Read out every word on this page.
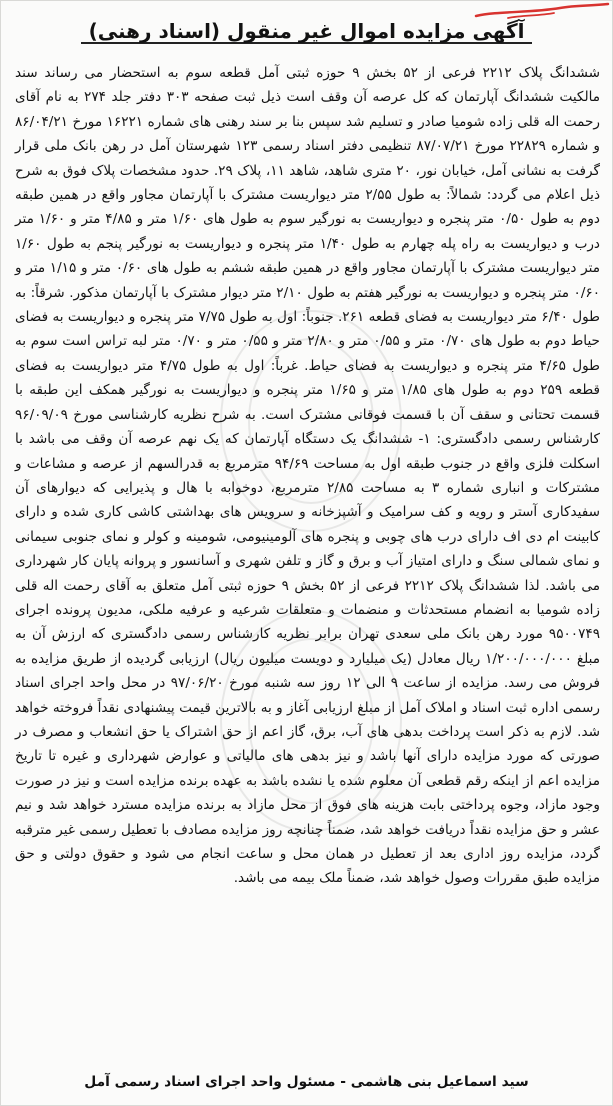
آگهی مزایده اموال غیر منقول (اسناد رهنی)

ششدانگ پلاک ۲۲۱۲ فرعی از ۵۲ بخش ۹ حوزه ثبتی آمل قطعه سوم به استحضار می رساند سند مالکیت ششدانگ آپارتمان که کل عرصه آن وقف است ذیل ثبت صفحه ۳۰۳ دفتر جلد ۲۷۴ به نام آقای رحمت اله قلی زاده شومیا صادر و تسلیم شد سپس بنا بر سند رهنی های شماره ۱۶۲۲۱ مورخ ۸۶/۰۴/۲۱ و شماره ۲۲۸۲۹ مورخ ۸۷/۰۷/۲۱ تنظیمی دفتر اسناد رسمی ۱۲۳ شهرستان آمل در رهن بانک ملی قرار گرفت به نشانی آمل، خیابان نور، ۲۰ متری شاهد، شاهد ۱۱، پلاک ۲۹. حدود مشخصات پلاک فوق به شرح ذیل اعلام می گردد: شمالاً: به طول ۲/۵۵ متر دیواریست مشترک با آپارتمان مجاور واقع در همین طبقه دوم به طول ۰/۵۰ متر پنجره و دیواریست به نورگیر سوم به طول های ۱/۶۰ متر و ۴/۸۵ متر و ۱/۶۰ متر درب و دیواریست به راه پله چهارم به طول ۱/۴۰ متر پنجره و دیواریست به نورگیر پنجم به طول ۱/۶۰ متر دیواریست مشترک با آپارتمان مجاور واقع در همین طبقه ششم به طول های ۰/۶۰ متر و ۱/۱۵ متر و ۰/۶۰ متر پنجره و دیواریست به نورگیر هفتم به طول ۲/۱۰ متر دیوار مشترک با آپارتمان مذکور. شرقاً: به طول ۶/۴۰ متر دیواریست به فضای قطعه ۲۶۱. جنوباً: اول به طول ۷/۷۵ متر پنجره و دیواریست به فضای حیاط دوم به طول های ۰/۷۰ متر و ۰/۵۵ متر و ۲/۸۰ متر و ۰/۵۵ متر و ۰/۷۰ متر لبه تراس است سوم به طول ۴/۶۵ متر پنجره و دیواریست به فضای حیاط. غرباً: اول به طول ۴/۷۵ متر دیواریست به فضای قطعه ۲۵۹ دوم به طول های ۱/۸۵ متر و ۱/۶۵ متر پنجره و دیواریست به نورگیر همکف این طبقه با قسمت تحتانی و سقف آن با قسمت فوقانی مشترک است. به شرح نظریه کارشناسی مورخ ۹۶/۰۹/۰۹ کارشناس رسمی دادگستری: ۱- ششدانگ یک دستگاه آپارتمان که یک نهم عرصه آن وقف می باشد با اسکلت فلزی واقع در جنوب طبقه اول به مساحت ۹۴/۶۹ مترمربع به قدرالسهم از عرصه و مشاعات و مشترکات و انباری شماره ۳ به مساحت ۲/۸۵ مترمربع، دوخوابه با هال و پذیرایی که دیوارهای آن سفیدکاری آستر و رویه و کف سرامیک و آشپزخانه و سرویس های بهداشتی کاشی کاری شده و دارای کابینت ام دی اف دارای درب های چوبی و پنجره های آلومینیومی، شومینه و کولر و نمای جنوبی سیمانی و نمای شمالی سنگ و دارای امتیاز آب و برق و گاز و تلفن شهری و آسانسور و پروانه پایان کار شهرداری می باشد. لذا ششدانگ پلاک ۲۲۱۲ فرعی از ۵۲ بخش ۹ حوزه ثبتی آمل متعلق به آقای رحمت اله قلی زاده شومیا به انضمام مستحدثات و منضمات و متعلقات شرعیه و عرفیه ملکی، مدیون پرونده اجرای ۹۵۰۰۷۴۹ مورد رهن بانک ملی سعدی تهران برابر نظریه کارشناس رسمی دادگستری که ارزش آن به مبلغ ۱/۲۰۰/۰۰۰/۰۰۰ ریال معادل (یک میلیارد و دویست میلیون ریال) ارزیابی گردیده از طریق مزایده به فروش می رسد. مزایده از ساعت ۹ الی ۱۲ روز سه شنبه مورخ ۹۷/۰۶/۲۰ در محل واحد اجرای اسناد رسمی اداره ثبت اسناد و املاک آمل از مبلغ ارزیابی آغاز و به بالاترین قیمت پیشنهادی نقداً فروخته خواهد شد. لازم به ذکر است پرداخت بدهی های آب، برق، گاز اعم از حق اشتراک یا حق انشعاب و مصرف در صورتی که مورد مزایده دارای آنها باشد و نیز بدهی های مالیاتی و عوارض شهرداری و غیره تا تاریخ مزایده اعم از اینکه رقم قطعی آن معلوم شده یا نشده باشد به عهده برنده مزایده است و نیز در صورت وجود مازاد، وجوه پرداختی بابت هزینه های فوق از محل مازاد به برنده مزایده مسترد خواهد شد و نیم عشر و حق مزایده نقداً دریافت خواهد شد، ضمناً چنانچه روز مزایده مصادف با تعطیل رسمی غیر مترقبه گردد، مزایده روز اداری بعد از تعطیل در همان محل و ساعت انجام می شود و حقوق دولتی و حق مزایده طبق مقررات وصول خواهد شد، ضمناً ملک بیمه می باشد.

سید اسماعیل بنی هاشمی - مسئول واحد اجرای اسناد رسمی آمل
